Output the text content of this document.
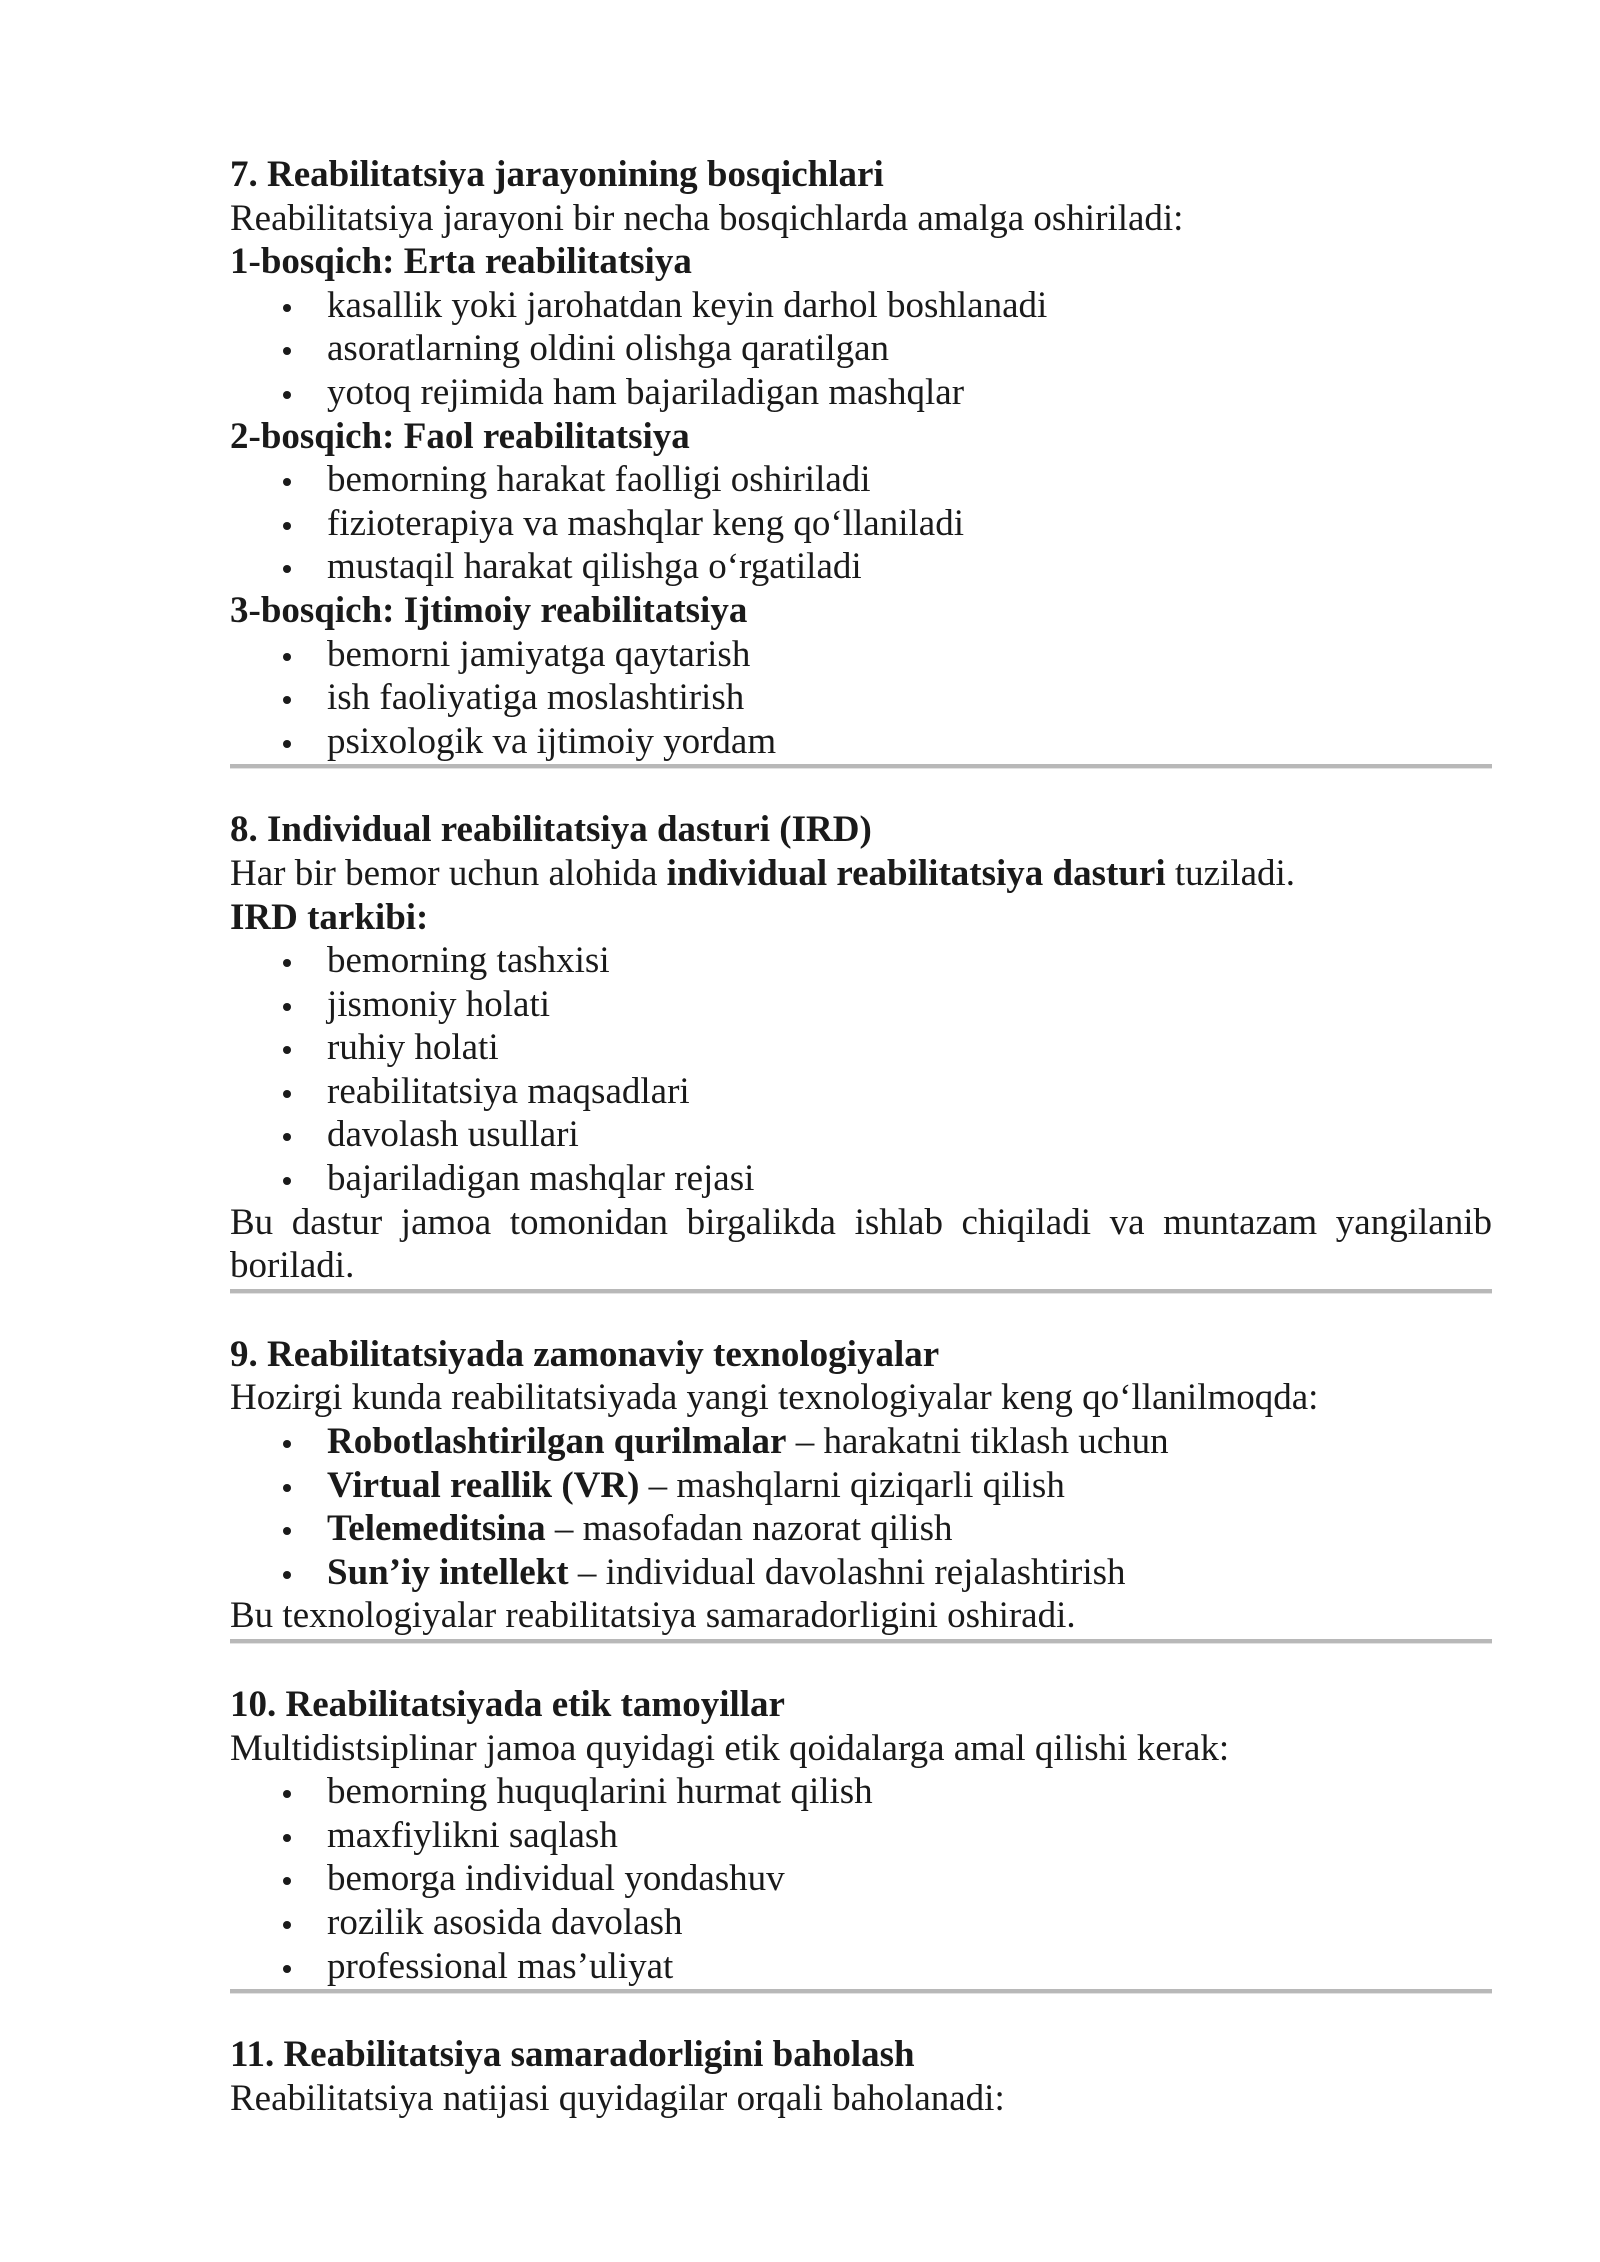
7. Reabilitatsiya jarayonining bosqichlari

Reabilitatsiya jarayoni bir necha bosqichlarda amalga oshiriladi:

1-bosqich: Erta reabilitatsiya

kasallik yoki jarohatdan keyin darhol boshlanadi
asoratlarning oldini olishga qaratilgan
yotoq rejimida ham bajariladigan mashqlar

2-bosqich: Faol reabilitatsiya

bemorning harakat faolligi oshiriladi
fizioterapiya va mashqlar keng qo‘llaniladi
mustaqil harakat qilishga o‘rgatiladi

3-bosqich: Ijtimoiy reabilitatsiya

bemorni jamiyatga qaytarish
ish faoliyatiga moslashtirish
psixologik va ijtimoiy yordam

8. Individual reabilitatsiya dasturi (IRD)

Har bir bemor uchun alohida individual reabilitatsiya dasturi tuziladi.

IRD tarkibi:

bemorning tashxisi
jismoniy holati
ruhiy holati
reabilitatsiya maqsadlari
davolash usullari
bajariladigan mashqlar rejasi

Bu dastur jamoa tomonidan birgalikda ishlab chiqiladi va muntazam yangilanib boriladi.

9. Reabilitatsiyada zamonaviy texnologiyalar

Hozirgi kunda reabilitatsiyada yangi texnologiyalar keng qo‘llanilmoqda:

Robotlashtirilgan qurilmalar – harakatni tiklash uchun
Virtual reallik (VR) – mashqlarni qiziqarli qilish
Telemeditsina – masofadan nazorat qilish
Sun’iy intellekt – individual davolashni rejalashtirish

Bu texnologiyalar reabilitatsiya samaradorligini oshiradi.

10. Reabilitatsiyada etik tamoyillar

Multidistsiplinar jamoa quyidagi etik qoidalarga amal qilishi kerak:

bemorning huquqlarini hurmat qilish
maxfiylikni saqlash
bemorga individual yondashuv
rozilik asosida davolash
professional mas’uliyat

11. Reabilitatsiya samaradorligini baholash

Reabilitatsiya natijasi quyidagilar orqali baholanadi:
